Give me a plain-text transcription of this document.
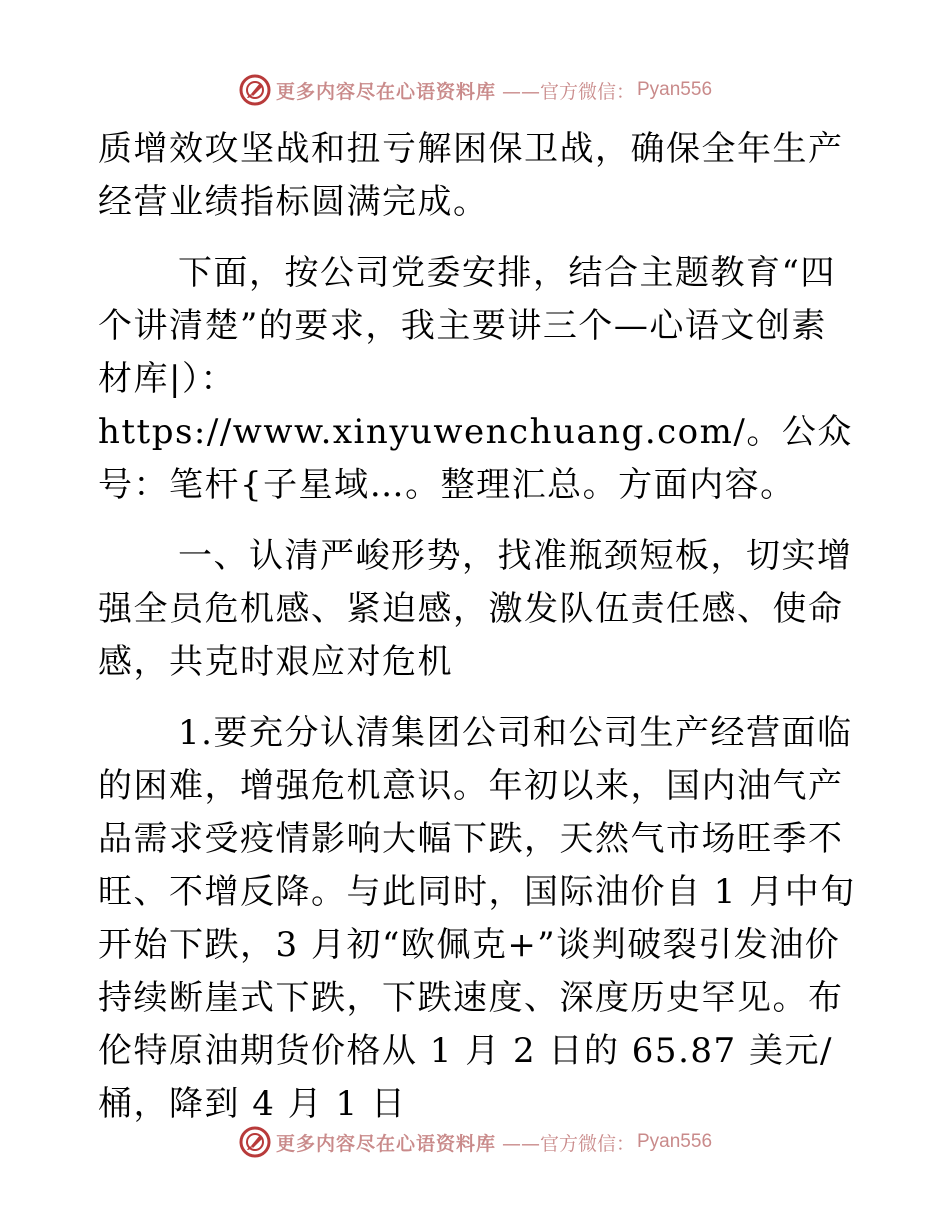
更多内容尽在心语资料库 ——官方微信： Pyan556

质增效攻坚战和扭亏解困保卫战，确保全年生产经营业绩指标圆满完成。

下面，按公司党委安排，结合主题教育“四个讲清楚”的要求，我主要讲三个—心语文创素材库|）：https://www.xinyuwenchuang.com/。公众号：笔杆{子星域…。整理汇总。方面内容。

一、认清严峻形势，找准瓶颈短板，切实增强全员危机感、紧迫感，激发队伍责任感、使命感，共克时艰应对危机

1.要充分认清集团公司和公司生产经营面临的困难，增强危机意识。年初以来，国内油气产品需求受疫情影响大幅下跌，天然气市场旺季不旺、不增反降。与此同时，国际油价自 1 月中旬开始下跌，3 月初“欧佩克+”谈判破裂引发油价持续断崖式下跌，下跌速度、深度历史罕见。布伦特原油期货价格从 1 月 2 日的 65.87 美元/桶，降到 4 月 1 日

更多内容尽在心语资料库 ——官方微信： Pyan556
